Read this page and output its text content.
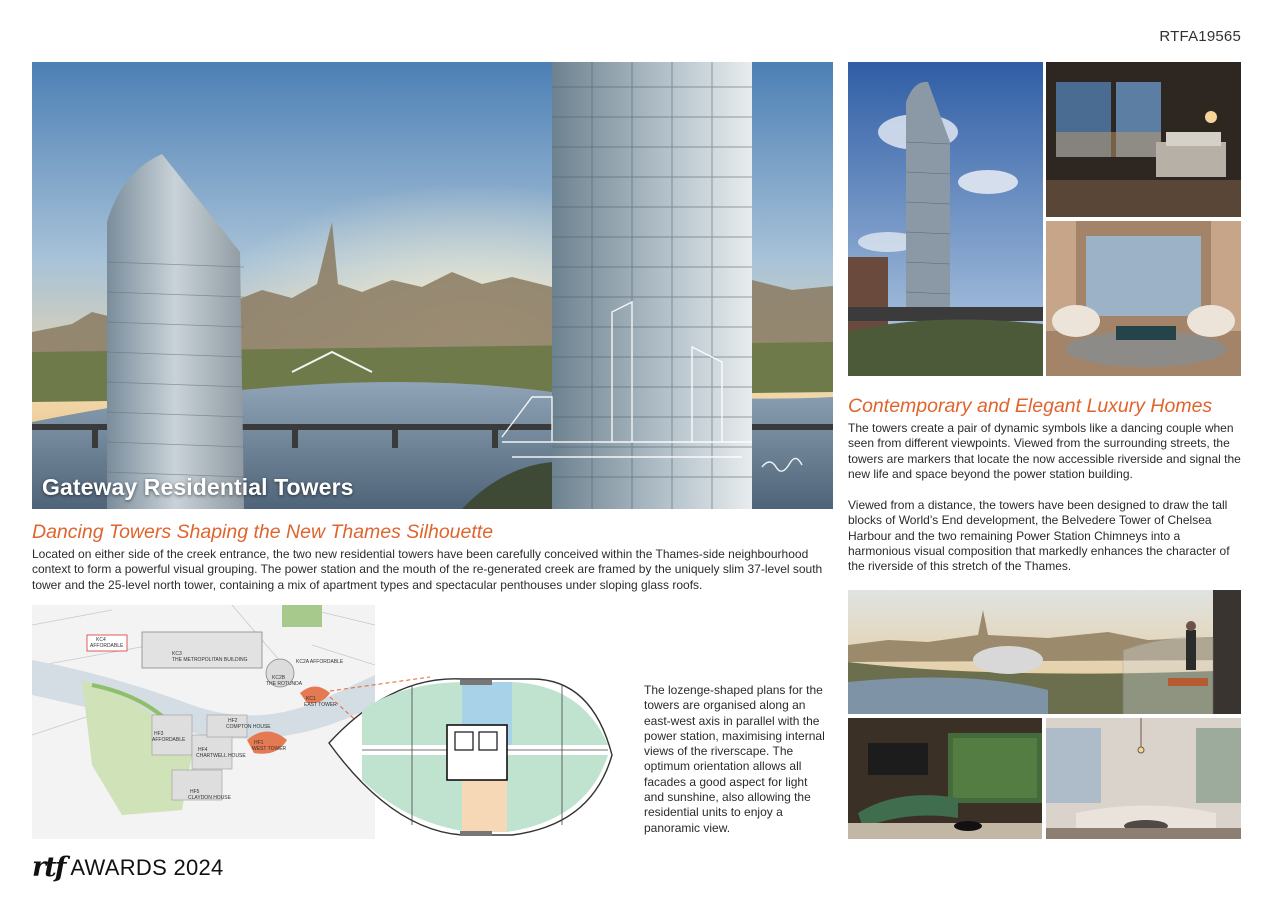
RTFA19565
Gateway Residential Towers
Dancing Towers Shaping the New Thames Silhouette
Located on either side of the creek entrance, the two new residential towers have been carefully conceived within the Thames-side neighbourhood context to form a powerful visual grouping. The power station and the mouth of the re-generated creek are framed by the uniquely slim 37-level south tower and the 25-level north tower, containing a mix of apartment types and spectacular penthouses under sloping glass roofs.
KC4
AFFORDABLE
KC3
THE METROPOLITAN BUILDING	KC2A AFFORDABLE
KC2B
THE ROTUNDA
KC1
EAST TOWER
HF3
AFFORDABLE
HF2
COMPTON HOUSE
HF4
CHARTWELL HOUSE
HF1
WEST TOWER
HF5
CLAYDON HOUSE
The lozenge-shaped plans for the towers are organised along an east-west axis in parallel with the power station, maximising internal views of the riverscape. The optimum orientation allows all facades a good aspect for light and sunshine, also allowing the residential units to enjoy a panoramic view.
Contemporary and Elegant Luxury Homes
The towers create a pair of dynamic symbols like a dancing couple when seen from different viewpoints. Viewed from the surrounding streets, the towers are markers that locate the now accessible riverside and signal the new life and space beyond the power station building.
Viewed from a distance, the towers have been designed to draw the tall blocks of World’s End development, the Belvedere Tower of Chelsea Harbour and the two remaining Power Station Chimneys into a harmonious visual composition that markedly enhances the character of the riverside of this stretch of the Thames.
rtf AWARDS 2024
